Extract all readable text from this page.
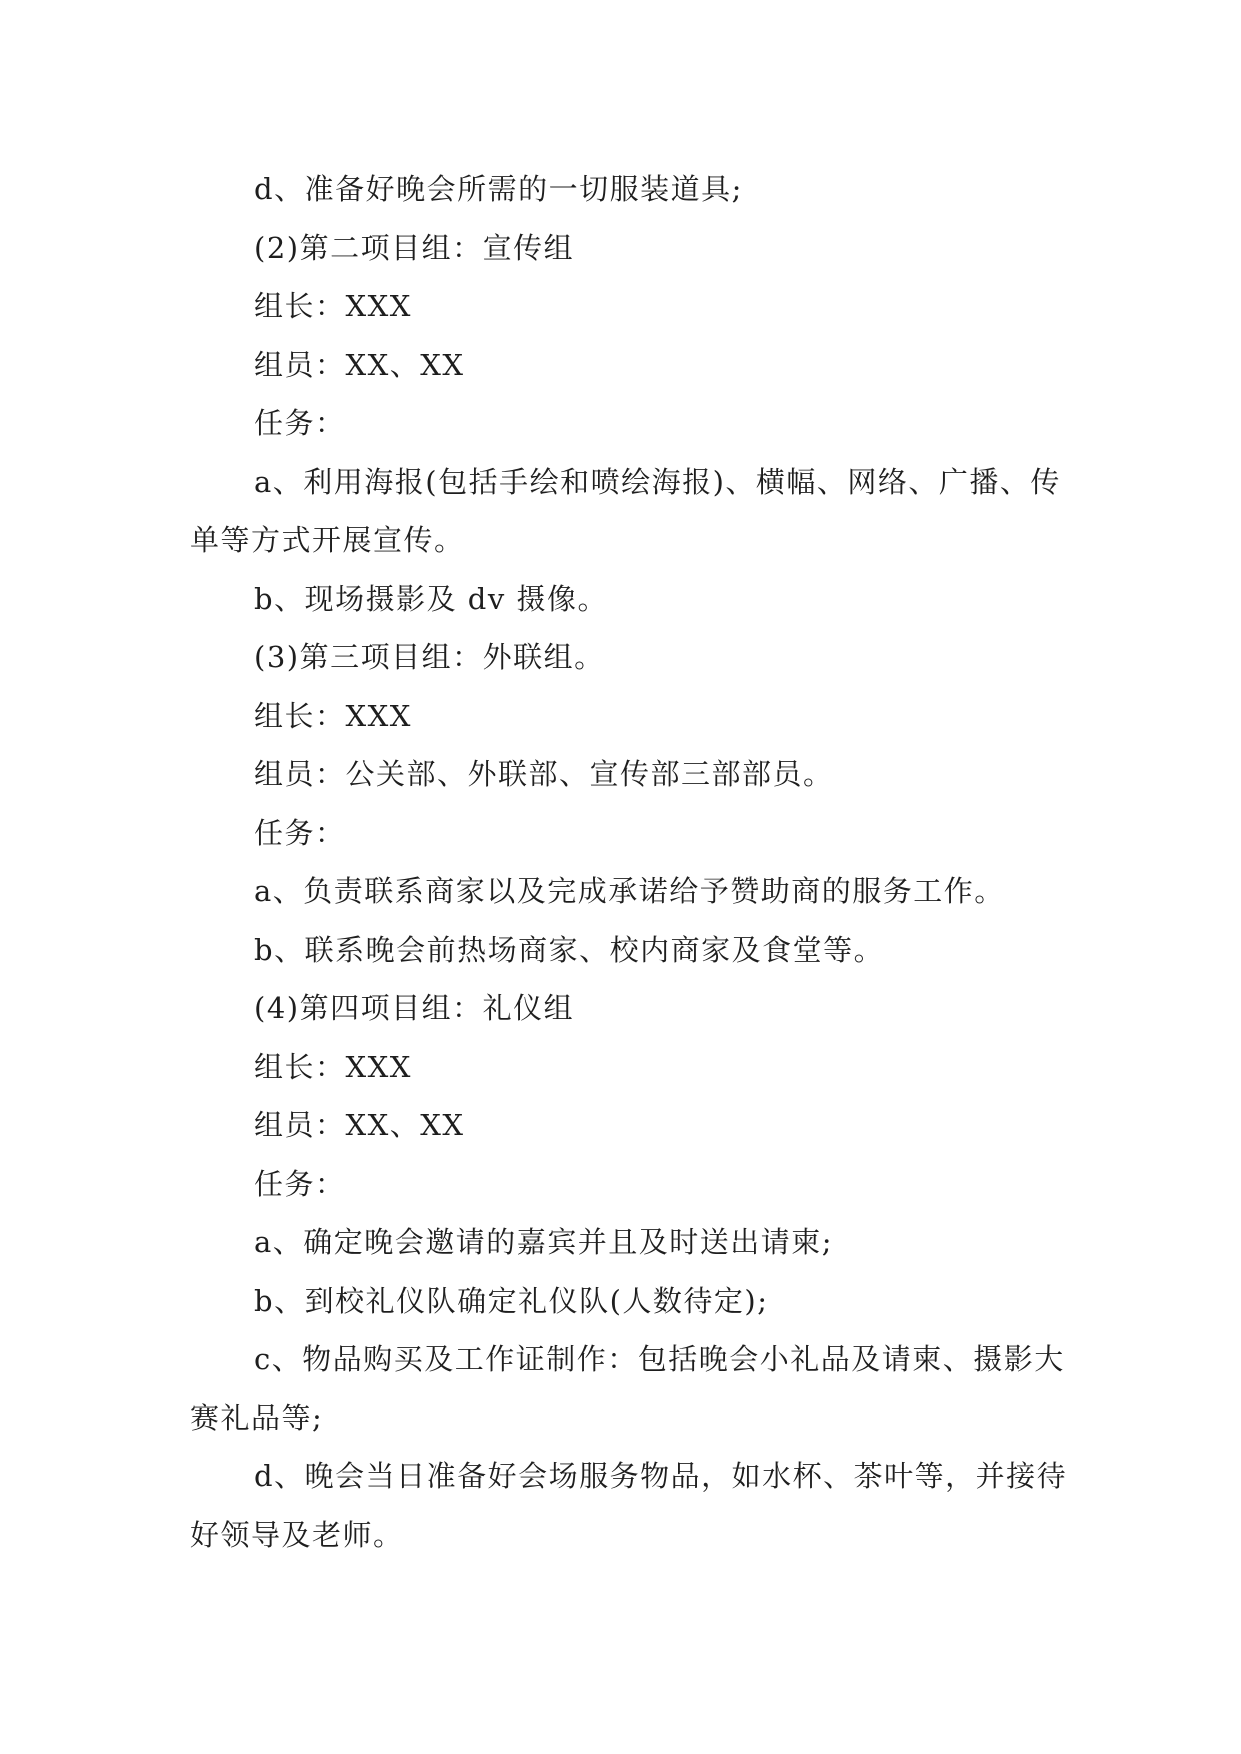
d、准备好晚会所需的一切服装道具;

(2)第二项目组：宣传组

组长：XXX

组员：XX、XX

任务：

a、利用海报(包括手绘和喷绘海报)、横幅、网络、广播、传单等方式开展宣传。

b、现场摄影及 dv 摄像。

(3)第三项目组：外联组。

组长：XXX

组员：公关部、外联部、宣传部三部部员。

任务：

a、负责联系商家以及完成承诺给予赞助商的服务工作。

b、联系晚会前热场商家、校内商家及食堂等。

(4)第四项目组：礼仪组

组长：XXX

组员：XX、XX

任务：

a、确定晚会邀请的嘉宾并且及时送出请柬;

b、到校礼仪队确定礼仪队(人数待定);

c、物品购买及工作证制作：包括晚会小礼品及请柬、摄影大赛礼品等;

d、晚会当日准备好会场服务物品，如水杯、茶叶等，并接待好领导及老师。
